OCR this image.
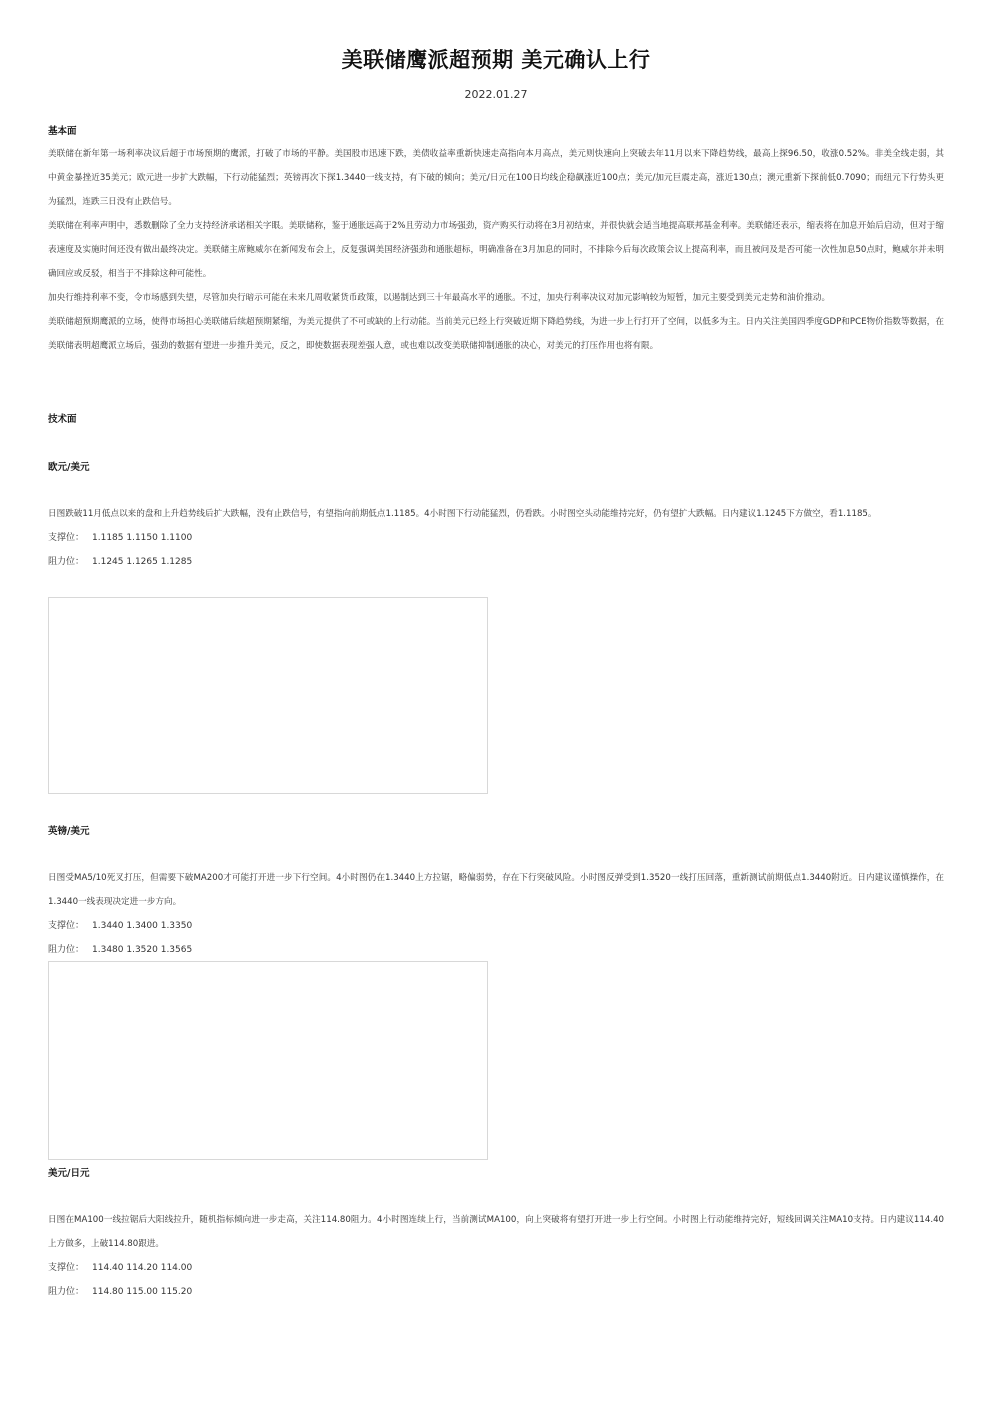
美联储鹰派超预期 美元确认上行
2022.01.27
基本面

美联储在新年第一场利率决议后超于市场预期的鹰派，打破了市场的平静。美国股市迅速下跌，美债收益率重新快速走高指向本月高点，美元则快速向上突破去年11月以来下降趋势线，最高上探96.50，收涨0.52%。非美全线走弱，其中黄金暴挫近35美元；欧元进一步扩大跌幅，下行动能猛烈；英镑再次下探1.3440一线支持，有下破的倾向；美元/日元在100日均线企稳飙涨近100点；美元/加元巨震走高，涨近130点；澳元重新下探前低0.7090；而纽元下行势头更为猛烈，连跌三日没有止跌信号。

美联储在利率声明中，悉数删除了全力支持经济承诺相关字眼。美联储称，鉴于通胀远高于2%且劳动力市场强劲，资产购买行动将在3月初结束，并很快就会适当地提高联邦基金利率。美联储还表示，缩表将在加息开始后启动，但对于缩表速度及实施时间还没有做出最终决定。美联储主席鲍威尔在新闻发布会上，反复强调美国经济强劲和通胀超标，明确准备在3月加息的同时，不排除今后每次政策会议上提高利率，而且被问及是否可能一次性加息50点时，鲍威尔并未明确回应或反驳，相当于不排除这种可能性。

加央行维持利率不变，令市场感到失望，尽管加央行暗示可能在未来几周收紧货币政策，以遏制达到三十年最高水平的通胀。不过，加央行利率决议对加元影响较为短暂，加元主要受到美元走势和油价推动。

美联储超预期鹰派的立场，使得市场担心美联储后续超预期紧缩，为美元提供了不可或缺的上行动能。当前美元已经上行突破近期下降趋势线，为进一步上行打开了空间，以低多为主。日内关注美国四季度GDP和PCE物价指数等数据，在美联储表明超鹰派立场后，强劲的数据有望进一步推升美元，反之，即使数据表现差强人意，或也难以改变美联储抑制通胀的决心，对美元的打压作用也将有限。

技术面
欧元/美元

日图跌破11月低点以来的盘和上升趋势线后扩大跌幅，没有止跌信号，有望指向前期低点1.1185。4小时图下行动能猛烈，仍看跌。小时图空头动能维持完好，仍有望扩大跌幅。日内建议1.1245下方做空，看1.1185。

支撑位： 1.1185 1.1150 1.1100
阻力位： 1.1245 1.1265 1.1285
英镑/美元

日图受MA5/10死叉打压，但需要下破MA200才可能打开进一步下行空间。4小时图仍在1.3440上方拉锯，略偏弱势，存在下行突破风险。小时图反弹受到1.3520一线打压回落，重新测试前期低点1.3440附近。日内建议谨慎操作，在1.3440一线表现决定进一步方向。

支撑位： 1.3440 1.3400 1.3350
阻力位： 1.3480 1.3520 1.3565
美元/日元

日图在MA100一线拉锯后大阳线拉升，随机指标倾向进一步走高，关注114.80阻力。4小时图连续上行，当前测试MA100，向上突破将有望打开进一步上行空间。小时图上行动能维持完好，短线回调关注MA10支持。日内建议114.40上方做多，上破114.80跟进。

支撑位： 114.40 114.20 114.00
阻力位： 114.80 115.00 115.20
